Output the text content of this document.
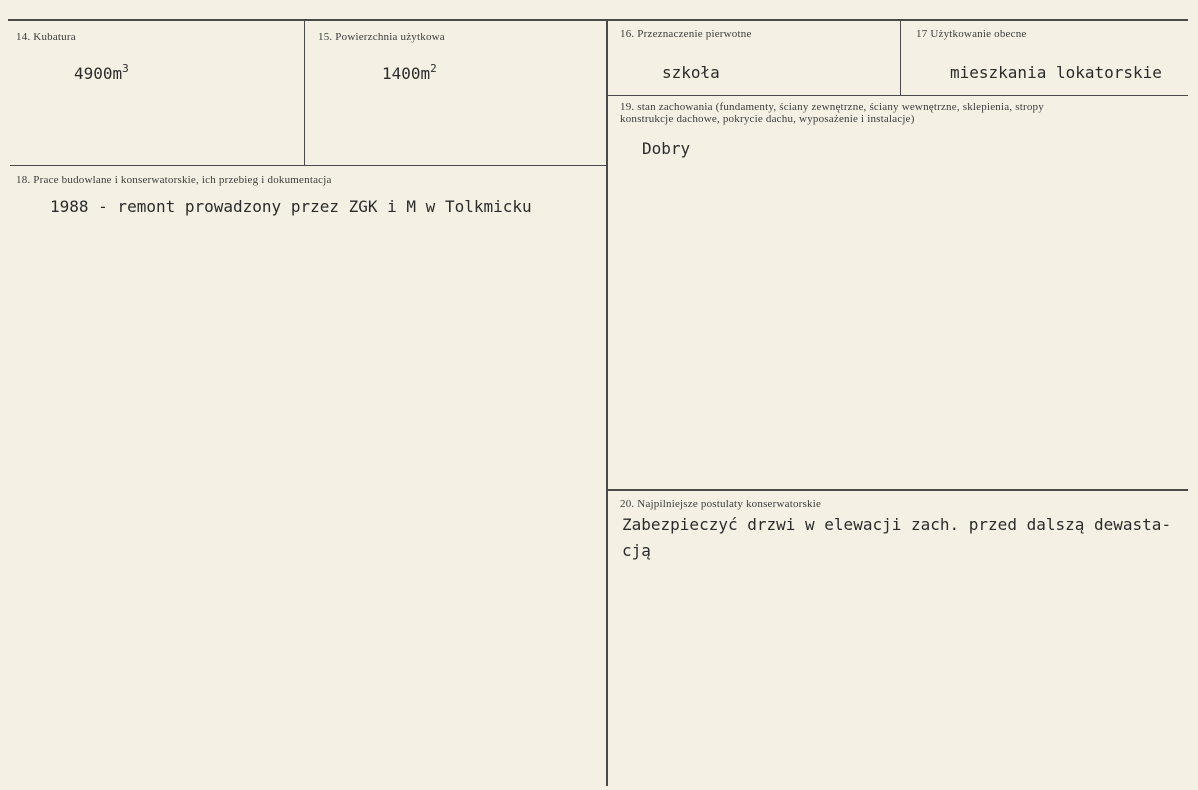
14. Kubatura
$4900m^3$
15. Powierzchnia użytkowa
$1400m^2$
16. Przeznaczenie pierwotne
szkoła
17 Użytkowanie obecne
mieszkania lokatorskie
18. Prace budowlane i konserwatorskie, ich przebieg i dokumentacja
1988 - remont prowadzony przez ZGK i M w Tolkmicku
19. stan zachowania (fundamenty, ściany zewnętrzne, ściany wewnętrzne, sklepienia, stropy
konstrukcje dachowe, pokrycie dachu, wyposażenie i instalacje)
Dobry
20. Najpilniejsze postulaty konserwatorskie
Zabezpieczyć drzwi w elewacji zach. przed dalszą dewasta-
cją
